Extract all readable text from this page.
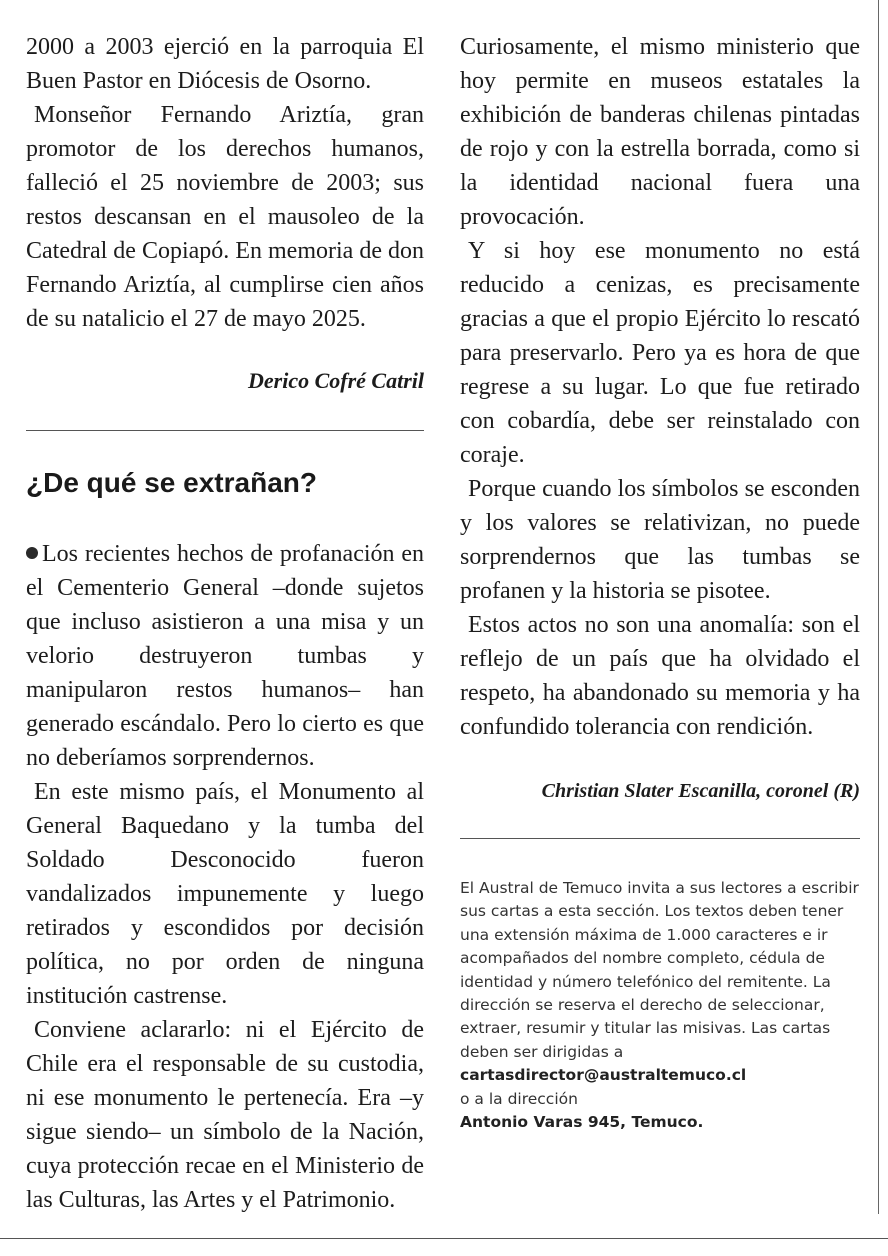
2000 a 2003 ejerció en la parroquia El Buen Pastor en Diócesis de Osorno.

Monseñor Fernando Ariztía, gran promotor de los derechos humanos, falleció el 25 noviembre de 2003; sus restos descansan en el mausoleo de la Catedral de Copiapó. En memoria de don Fernando Ariztía, al cumplirse cien años de su natalicio el 27 de mayo 2025.

Derico Cofré Catril

¿De qué se extrañan?

Los recientes hechos de profanación en el Cementerio General –donde sujetos que incluso asistieron a una misa y un velorio destruyeron tumbas y manipularon restos humanos– han generado escándalo. Pero lo cierto es que no deberíamos sorprendernos.

En este mismo país, el Monumento al General Baquedano y la tumba del Soldado Desconocido fueron vandalizados impunemente y luego retirados y escondidos por decisión política, no por orden de ninguna institución castrense.

Conviene aclararlo: ni el Ejército de Chile era el responsable de su custodia, ni ese monumento le pertenecía. Era –y sigue siendo– un símbolo de la Nación, cuya protección recae en el Ministerio de las Culturas, las Artes y el Patrimonio.

Curiosamente, el mismo ministerio que hoy permite en museos estatales la exhibición de banderas chilenas pintadas de rojo y con la estrella borrada, como si la identidad nacional fuera una provocación.

Y si hoy ese monumento no está reducido a cenizas, es precisamente gracias a que el propio Ejército lo rescató para preservarlo. Pero ya es hora de que regrese a su lugar. Lo que fue retirado con cobardía, debe ser reinstalado con coraje.

Porque cuando los símbolos se esconden y los valores se relativizan, no puede sorprendernos que las tumbas se profanen y la historia se pisotee.

Estos actos no son una anomalía: son el reflejo de un país que ha olvidado el respeto, ha abandonado su memoria y ha confundido tolerancia con rendición.

Christian Slater Escanilla, coronel (R)

El Austral de Temuco invita a sus lectores a escribir sus cartas a esta sección. Los textos deben tener una extensión máxima de 1.000 caracteres e ir acompañados del nombre completo, cédula de identidad y número telefónico del remitente. La dirección se reserva el derecho de seleccionar, extraer, resumir y titular las misivas. Las cartas deben ser dirigidas a

cartasdirector@australtemuco.cl

o a la dirección

Antonio Varas 945, Temuco.
